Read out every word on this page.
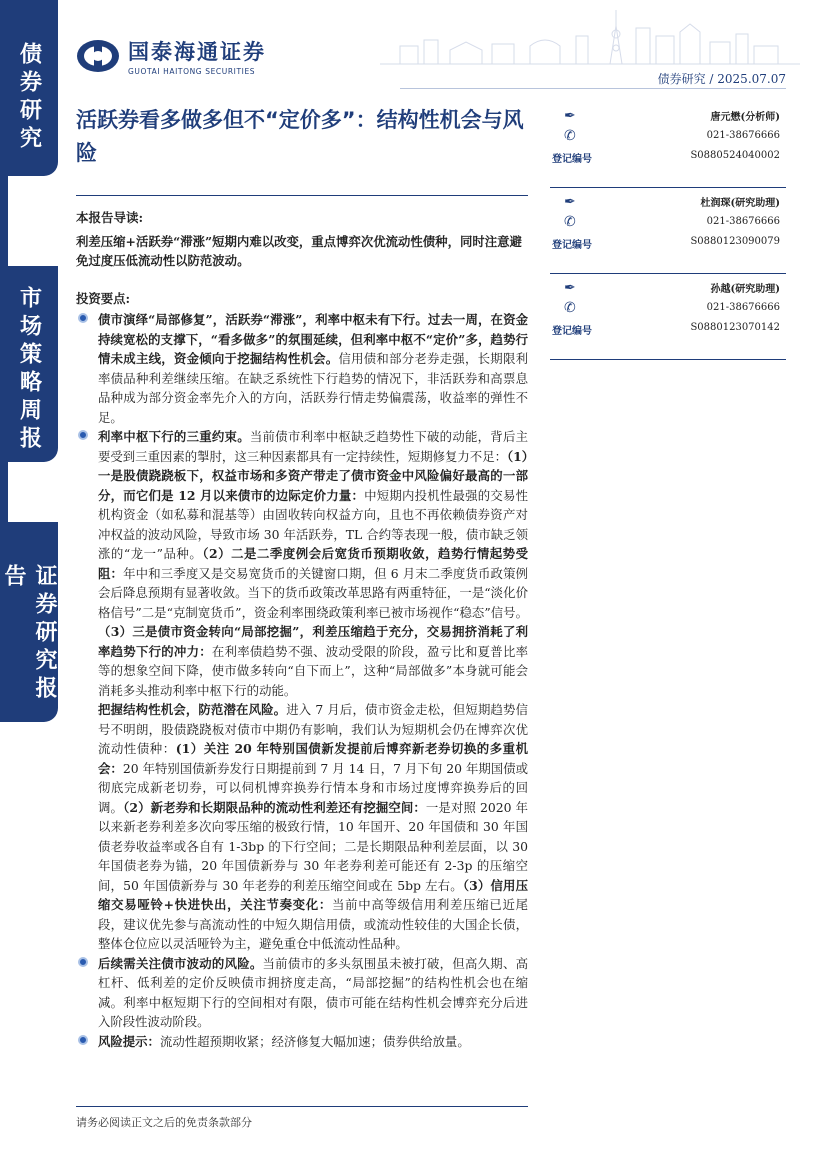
债券研究
市场策略周报
证券研究报告
国泰海通证券
GUOTAI HAITONG SECURITIES
债券研究 / 2025.07.07
活跃券看多做多但不“定价多”：结构性机会与风险
✒
✆
登记编号
唐元懋(分析师)
021-38676666
S0880524040002
✒
✆
登记编号
杜润琛(研究助理)
021-38676666
S0880123090079
✒
✆
登记编号
孙越(研究助理)
021-38676666
S0880123070142
本报告导读:
利差压缩+活跃券“滞涨”短期内难以改变，重点博弈次优流动性债种，同时注意避免过度压低流动性以防范波动。
投资要点:
债市演绎“局部修复”，活跃券“滞涨”，利率中枢未有下行。过去一周，在资金持续宽松的支撑下，“看多做多”的氛围延续，但利率中枢不“定价”多，趋势行情未成主线，资金倾向于挖掘结构性机会。信用债和部分老券走强，长期限利率债品种利差继续压缩。在缺乏系统性下行趋势的情况下，非活跃券和高票息品种成为部分资金率先介入的方向，活跃券行情走势偏震荡，收益率的弹性不足。
利率中枢下行的三重约束。当前债市利率中枢缺乏趋势性下破的动能，背后主要受到三重因素的掣肘，这三种因素都具有一定持续性，短期修复力不足：（1）一是股债跷跷板下，权益市场和多资产带走了债市资金中风险偏好最高的一部分，而它们是 12 月以来债市的边际定价力量：中短期内投机性最强的交易性机构资金（如私募和混基等）由固收转向权益方向，且也不再依赖债券资产对冲权益的波动风险，导致市场 30 年活跃券，TL 合约等表现一般，债市缺乏领涨的“龙一”品种。（2）二是二季度例会后宽货币预期收敛，趋势行情起势受阻：年中和三季度又是交易宽货币的关键窗口期，但 6 月末二季度货币政策例会后降息预期有显著收敛。当下的货币政策改革思路有两重特征，一是“淡化价格信号”二是“克制宽货币”，资金利率围绕政策利率已被市场视作“稳态”信号。（3）三是债市资金转向“局部挖掘”，利差压缩趋于充分，交易拥挤消耗了利率趋势下行的冲力：在利率债趋势不强、波动受限的阶段，盈亏比和夏普比率等的想象空间下降，使市做多转向“自下而上”，这种“局部做多”本身就可能会消耗多头推动利率中枢下行的动能。
把握结构性机会，防范潜在风险。进入 7 月后，债市资金走松，但短期趋势信号不明朗，股债跷跷板对债市中期仍有影响，我们认为短期机会仍在博弈次优流动性债种：(1）关注 20 年特别国债新发提前后博弈新老券切换的多重机会：20 年特别国债新券发行日期提前到 7 月 14 日，7 月下旬 20 年期国债或彻底完成新老切券，可以伺机博弈换券行情本身和市场过度博弈换券后的回调。（2）新老券和长期限品种的流动性利差还有挖掘空间：一是对照 2020 年以来新老券利差多次向零压缩的极致行情，10 年国开、20 年国债和 30 年国债老券收益率或各自有 1-3bp 的下行空间；二是长期限品种利差层面，以 30 年国债老券为锚，20 年国债新券与 30 年老券利差可能还有 2-3p 的压缩空间，50 年国债新券与 30 年老券的利差压缩空间或在 5bp 左右。（3）信用压缩交易哑铃+快进快出，关注节奏变化：当前中高等级信用利差压缩已近尾段，建议优先参与高流动性的中短久期信用债，或流动性较佳的大国企长债，整体仓位应以灵活哑铃为主，避免重仓中低流动性品种。
后续需关注债市波动的风险。当前债市的多头氛围虽未被打破，但高久期、高杠杆、低利差的定价反映债市拥挤度走高，“局部挖掘”的结构性机会也在缩减。利率中枢短期下行的空间相对有限，债市可能在结构性机会博弈充分后进入阶段性波动阶段。
风险提示：流动性超预期收紧；经济修复大幅加速；债券供给放量。
请务必阅读正文之后的免责条款部分
